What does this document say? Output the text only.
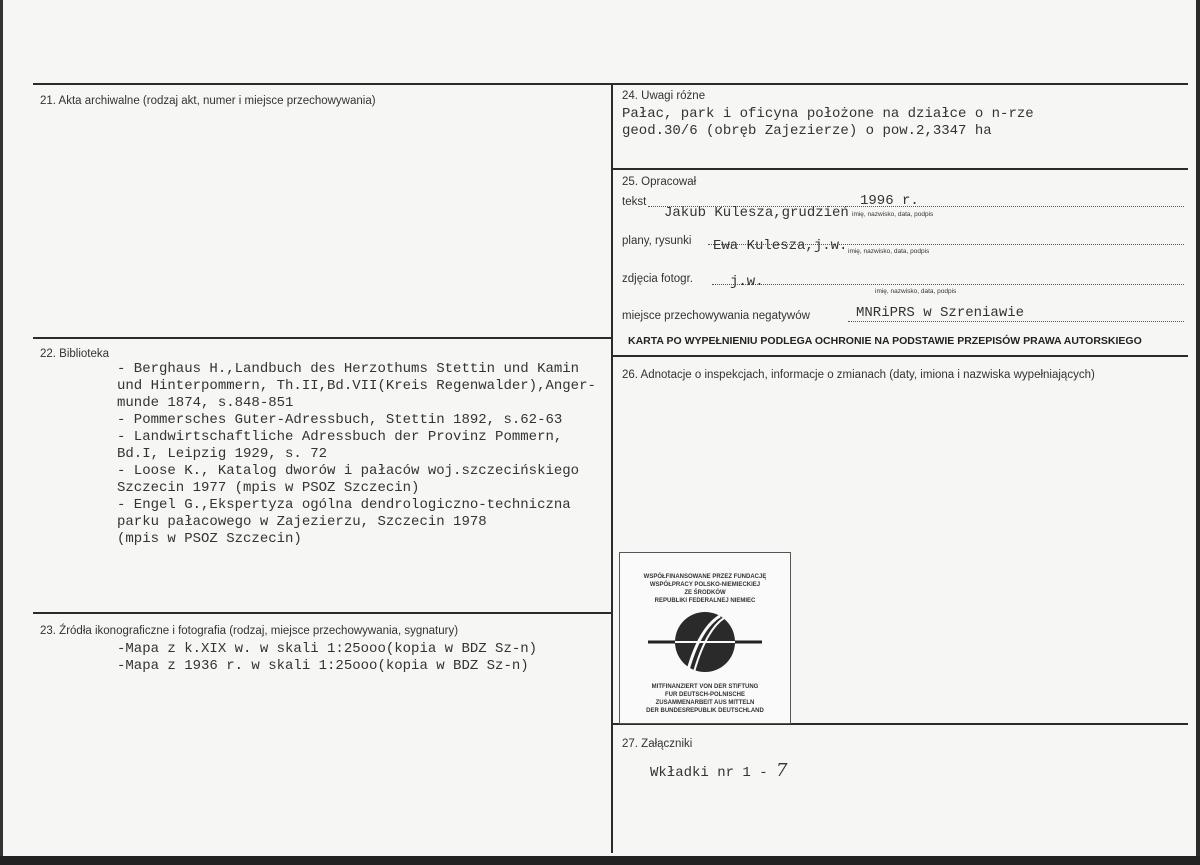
21. Akta archiwalne (rodzaj akt, numer i miejsce przechowywania)
22. Biblioteka
- Berghaus H.,Landbuch des Herzothums Stettin und Kamin
und Hinterpommern, Th.II,Bd.VII(Kreis Regenwalder),Anger-
munde 1874, s.848-851
- Pommersches Guter-Adressbuch, Stettin 1892, s.62-63
- Landwirtschaftliche Adressbuch der Provinz Pommern,
Bd.I, Leipzig 1929, s. 72
- Loose K., Katalog dworów i pałaców woj.szczecińskiego
Szczecin 1977 (mpis w PSOZ Szczecin)
- Engel G.,Ekspertyza ogólna dendrologiczno-techniczna
parku pałacowego w Zajezierzu, Szczecin 1978
(mpis w PSOZ Szczecin)
23. Źródła ikonograficzne i fotografia (rodzaj, miejsce przechowywania, sygnatury)
-Mapa z k.XIX w. w skali 1:25ooo(kopia w BDZ Sz-n)
-Mapa z 1936 r. w skali 1:25ooo(kopia w BDZ Sz-n)
24. Uwagi różne
Pałac, park i oficyna położone na działce o n-rze
geod.30/6 (obręb Zajezierze) o pow.2,3347 ha
25. Opracował
tekst	1996 r.
Jakub Kulesza,grudzień imię, nazwisko, data, podpis
plany, rysunki Ewa Kulesza,j.w. imię, nazwisko, data, podpis
zdjęcia fotogr.	j.w.
imię, nazwisko, data, podpis
miejsce przechowywania negatywów	MNRiPRS w Szreniawie
KARTA PO WYPEŁNIENIU PODLEGA OCHRONIE NA PODSTAWIE PRZEPISÓW PRAWA AUTORSKIEGO
26. Adnotacje o inspekcjach, informacje o zmianach (daty, imiona i nazwiska wypełniających)
WSPÓŁFINANSOWANE PRZEZ FUNDACJĘ
WSPÓŁPRACY POLSKO-NIEMIECKIEJ
ZE ŚRODKÓW
REPUBLIKI FEDERALNEJ NIEMIEC
MITFINANZIERT VON DER STIFTUNG
FUR DEUTSCH-POLNISCHE
ZUSAMMENARBEIT AUS MITTELN
DER BUNDESREPUBLIK DEUTSCHLAND
27. Załączniki
Wkładki nr 1 - 7
